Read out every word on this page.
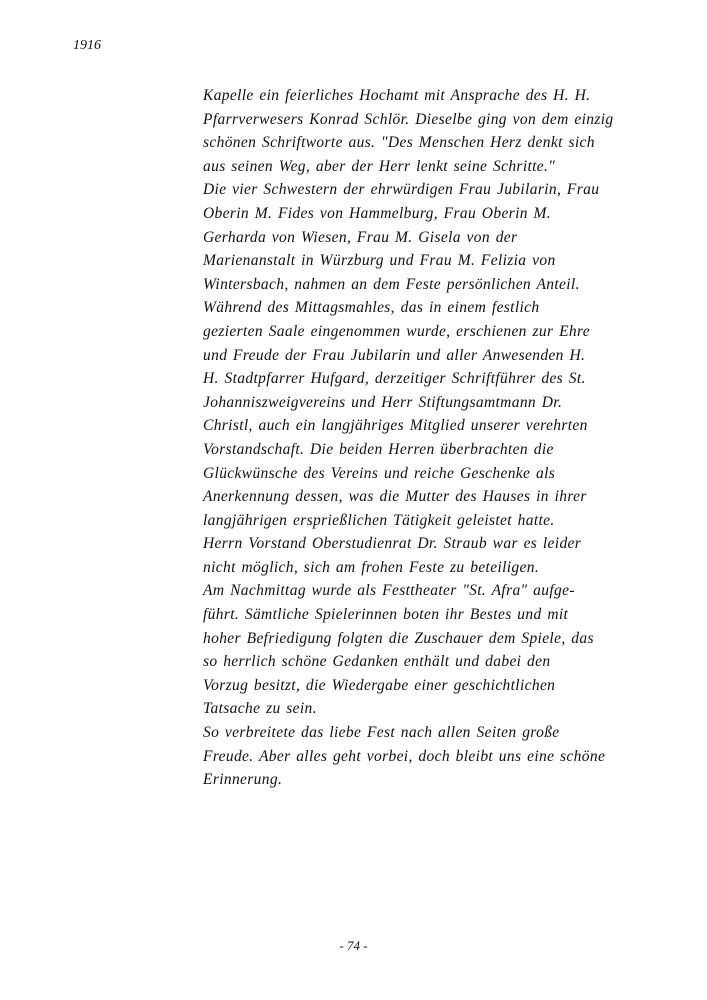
1916
Kapelle ein feierliches Hochamt mit Ansprache des H. H.
Pfarrverwesers Konrad Schlör. Dieselbe ging von dem einzig
schönen Schriftworte aus. "Des Menschen Herz denkt sich
aus seinen Weg, aber der Herr lenkt seine Schritte."
Die vier Schwestern der ehrwürdigen Frau Jubilarin, Frau
Oberin M. Fides von Hammelburg, Frau Oberin M.
Gerharda von Wiesen, Frau M. Gisela von der
Marienanstalt in Würzburg und Frau M. Felizia von
Wintersbach, nahmen an dem Feste persönlichen Anteil.
Während des Mittagsmahles, das in einem festlich
gezierten Saale eingenommen wurde, erschienen zur Ehre
und Freude der Frau Jubilarin und aller Anwesenden H.
H. Stadtpfarrer Hufgard, derzeitiger Schriftführer des St.
Johanniszweigvereins und Herr Stiftungsamtmann Dr.
Christl, auch ein langjähriges Mitglied unserer verehrten
Vorstandschaft. Die beiden Herren überbrachten die
Glückwünsche des Vereins und reiche Geschenke als
Anerkennung dessen, was die Mutter des Hauses in ihrer
langjährigen ersprießlichen Tätigkeit geleistet hatte.
Herrn Vorstand Oberstudienrat Dr. Straub war es leider
nicht möglich, sich am frohen Feste zu beteiligen.
Am Nachmittag wurde als Festtheater "St. Afra" aufge-
führt. Sämtliche Spielerinnen boten ihr Bestes und mit
hoher Befriedigung folgten die Zuschauer dem Spiele, das
so herrlich schöne Gedanken enthält und dabei den
Vorzug besitzt, die Wiedergabe einer geschichtlichen
Tatsache zu sein.
So verbreitete das liebe Fest nach allen Seiten große
Freude. Aber alles geht vorbei, doch bleibt uns eine schöne
Erinnerung.
- 74 -
